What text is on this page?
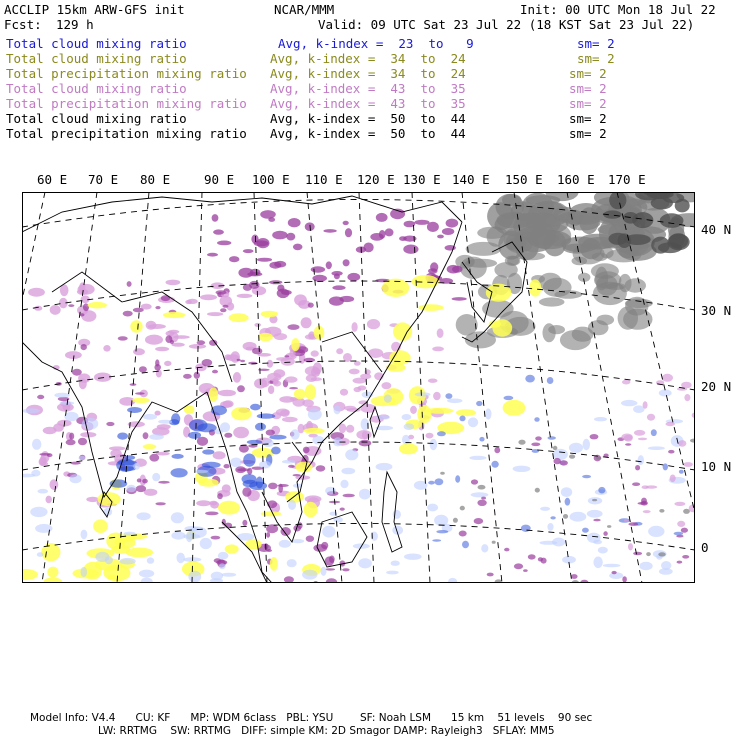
ACCLIP 15km ARW-GFS init	NCAR/MMM	Init: 00 UTC Mon 18 Jul 22
Fcst: 129 h	Valid: 09 UTC Sat 23 Jul 22 (18 KST Sat 23 Jul 22)
Total cloud mixing ratio	Avg, k-index =  23  to   9	sm= 2
Total cloud mixing ratio	Avg, k-index =  34  to  24	sm= 2
Total precipitation mixing ratio Avg, k-index =  34  to  24	sm= 2
Total cloud mixing ratio	Avg, k-index =  43  to  35	sm= 2
Total precipitation mixing ratio Avg, k-index =  43  to  35	sm= 2
Total cloud mixing ratio	Avg, k-index =  50  to  44	sm= 2
Total precipitation mixing ratio Avg, k-index =  50  to  44	sm= 2
60 E 70 E 80 E	90 E 100 E 110 E 120 E 130 E 140 E 150 E 160 E 170 E
40 N
30 N
20 N
10 N
0
Model Info: V4.4      CU: KF      MP: WDM 6class   PBL: YSU        SF: Noah LSM      15 km    51 levels    90 sec
LW: RRTMG    SW: RRTMG   DIFF: simple KM: 2D Smagor DAMP: Rayleigh3   SFLAY: MM5
